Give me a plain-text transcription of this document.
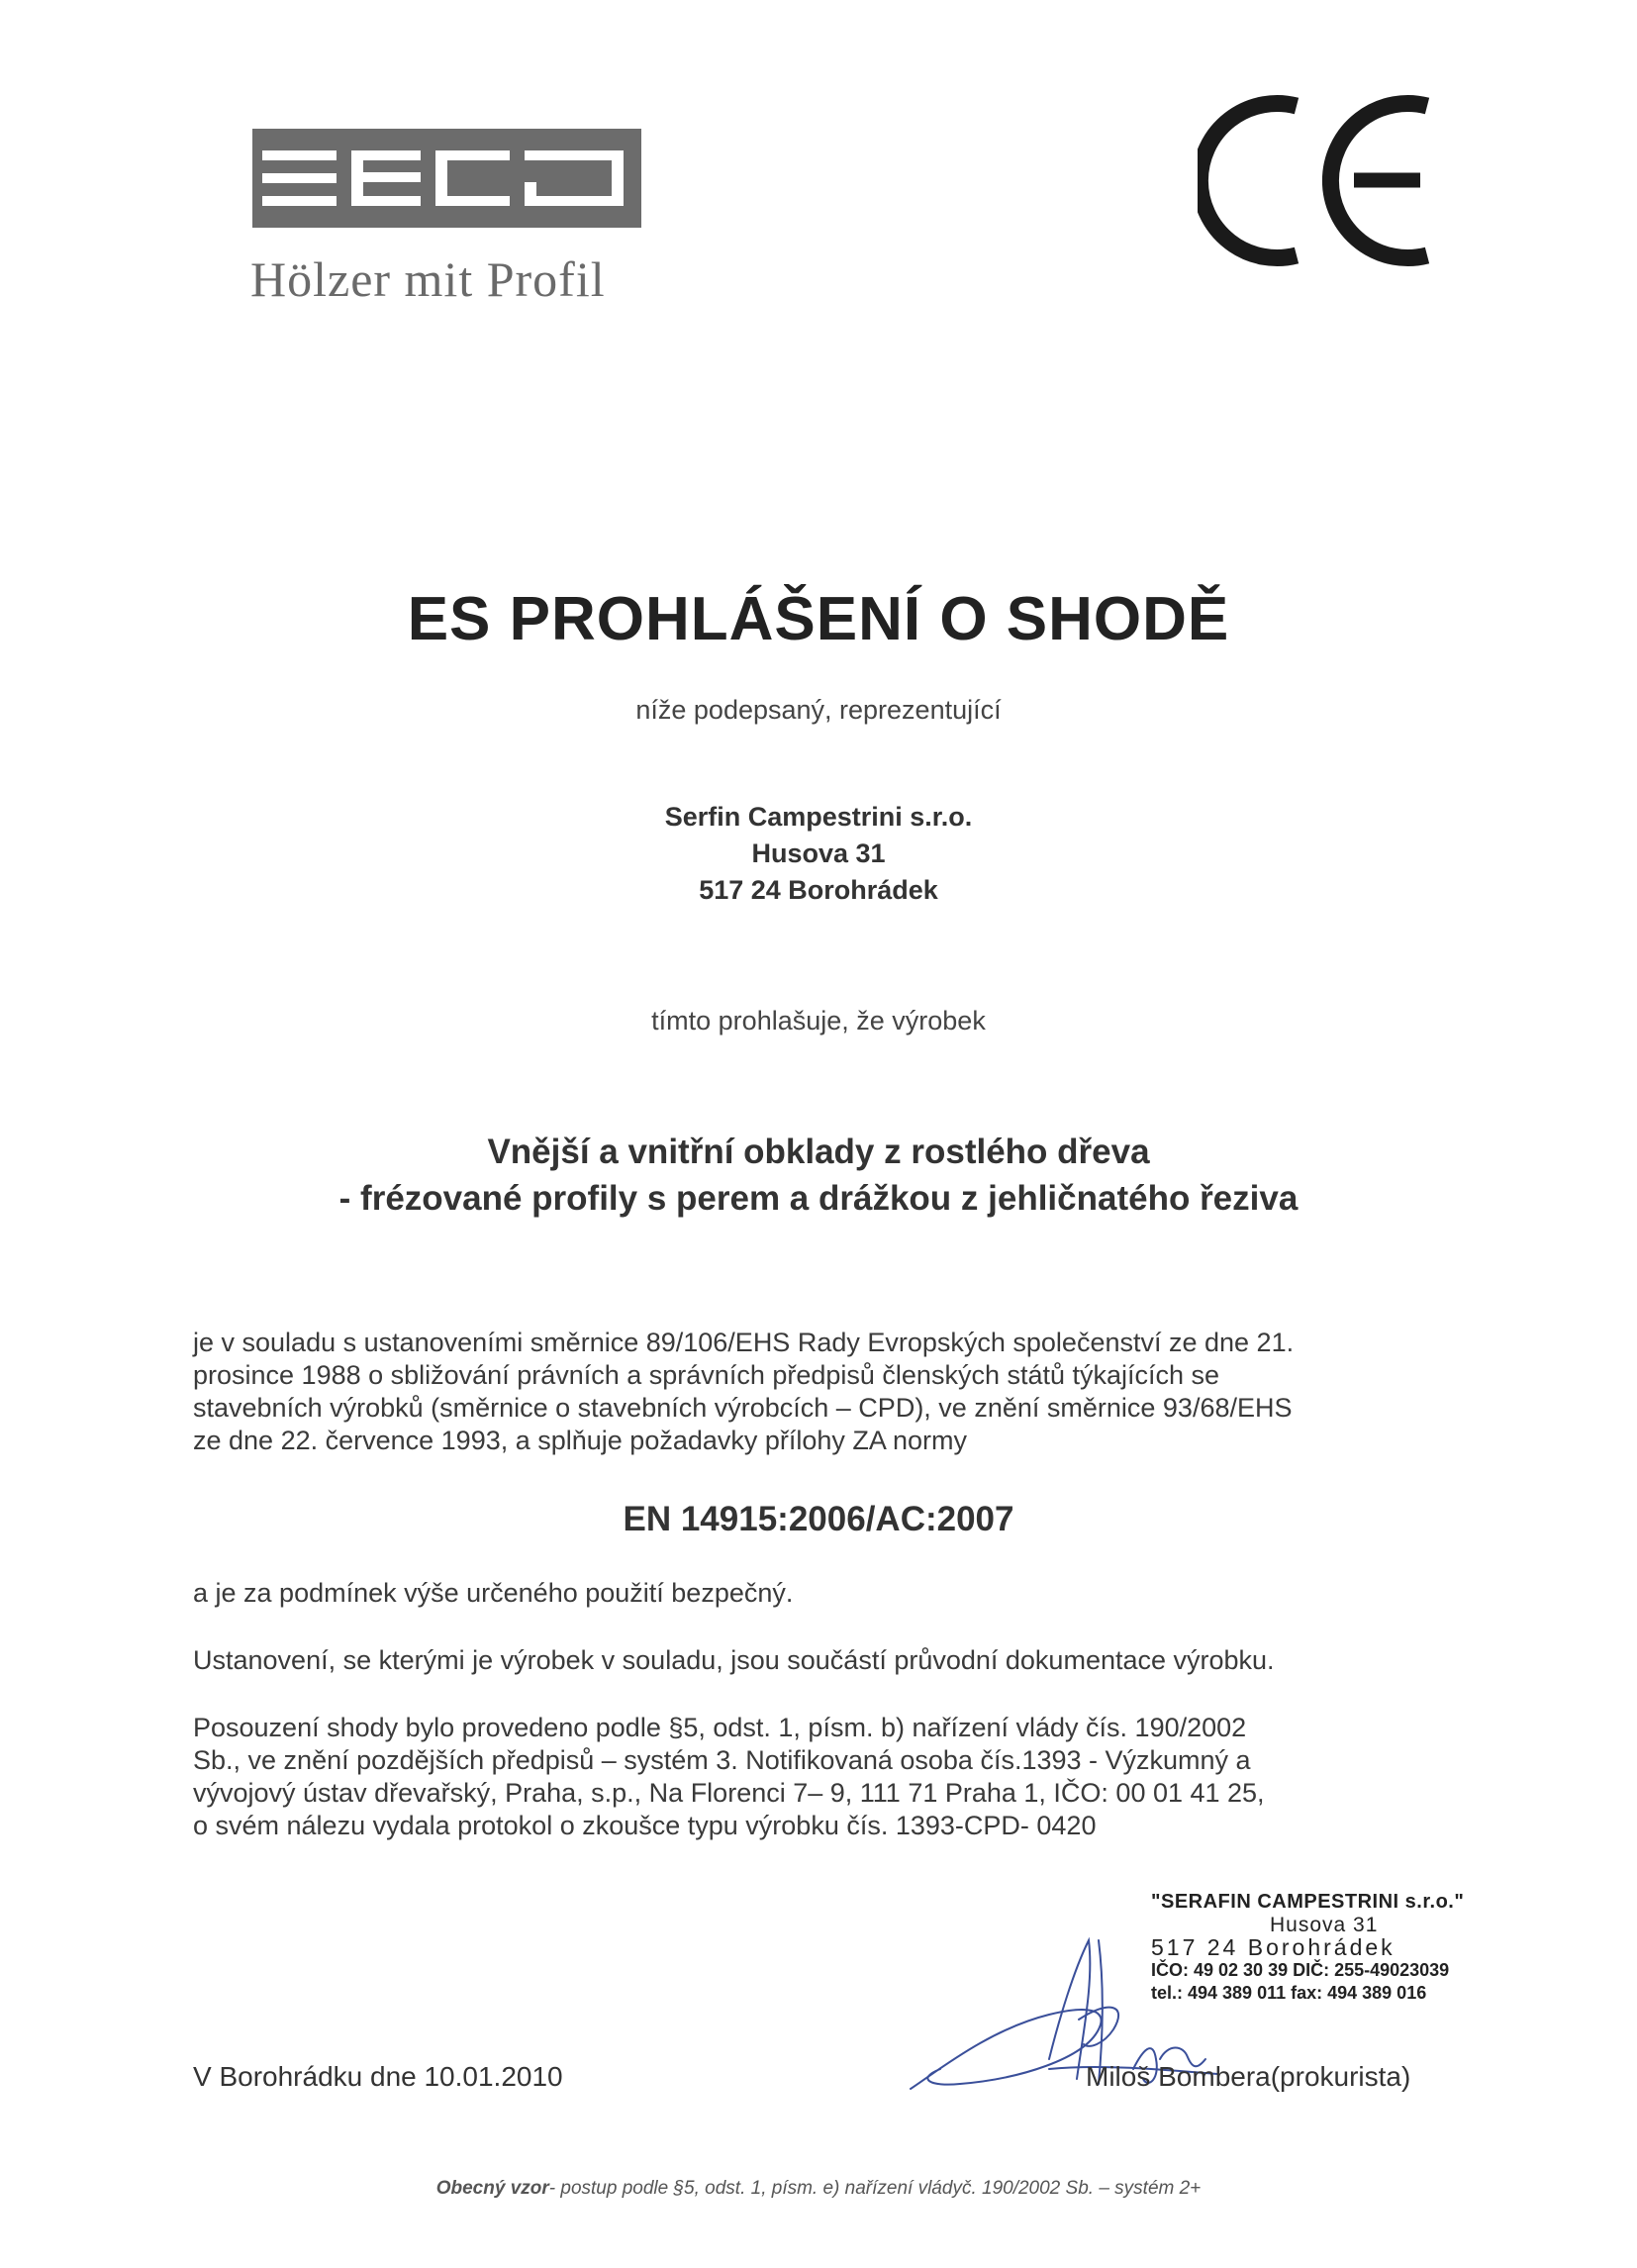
Hölzer mit Profil
ES PROHLÁŠENÍ O SHODĚ
níže podepsaný, reprezentující
Serfin Campestrini s.r.o.
Husova 31
517 24 Borohrádek
tímto prohlašuje, že výrobek
Vnější a vnitřní obklady z rostlého dřeva
- frézované profily s perem a drážkou z jehličnatého řeziva
je v souladu s ustanoveními směrnice 89/106/EHS Rady Evropských společenství ze dne 21.
prosince 1988 o sbližování právních a správních předpisů členských států týkajících se
stavebních výrobků (směrnice o stavebních výrobcích – CPD), ve znění směrnice 93/68/EHS
ze dne 22. července 1993, a splňuje požadavky přílohy ZA normy
EN 14915:2006/AC:2007
a je za podmínek výše určeného použití bezpečný.
Ustanovení, se kterými je výrobek v souladu, jsou součástí průvodní dokumentace výrobku.
Posouzení shody bylo provedeno podle §5, odst. 1, písm. b) nařízení vlády čís. 190/2002
Sb., ve znění pozdějších předpisů – systém 3. Notifikovaná osoba čís.1393 - Výzkumný a
vývojový ústav dřevařský, Praha, s.p., Na Florenci 7– 9, 111 71 Praha 1, IČO: 00 01 41 25,
o svém nálezu vydala protokol o zkoušce typu výrobku čís. 1393-CPD- 0420
"SERAFIN CAMPESTRINI s.r.o."
Husova 31
517 24 Borohrádek
IČO: 49 02 30 39 DIČ: 255-49023039
tel.: 494 389 011 fax: 494 389 016
V Borohrádku dne 10.01.2010	Miloš Bombera(prokurista)
Obecný vzor- postup podle §5, odst. 1, písm. e) nařízení vládyč. 190/2002 Sb. – systém 2+
